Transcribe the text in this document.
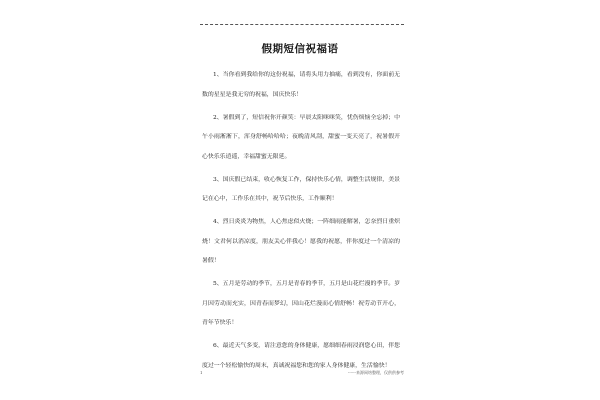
假期短信祝福语

1、当你看到我给你的这份祝福，请将头用力抽痛，看到没有，你面前无数的星星是我无穷的祝福，国庆快乐！

2、暑假到了，短信祝你开颜笑：早晨太阳咪咪笑，忧伤烦恼全忘掉；中午小雨淅淅下，浑身舒畅哈哈哈；夜晚清风刮，甜蜜一变天亮了，祝暑假开心快乐乐逍遥，幸福甜蜜无限延。

3、国庆假已结束，收心恢复工作，保持快乐心情，调整生活规律，美景记在心中，工作乐在其中，祝节后快乐，工作顺利！

4、烈日炎炎为物焦，人心焦虑似火烧；一阵细雨能解暑，怎奈烈日重炽烧！文君何以消凉度，朋友关心伴我心！愿我的祝愿，伴你度过一个清凉的暑假！

5、五月是劳动的季节，五月是青春的季节，五月是山花烂漫的季节。岁月因劳动而充实，因青春而梦幻，因山花烂漫而心情舒畅！祝劳动节开心，青年节快乐！

6、最近天气多变，请注意您的身体健康，愿细细春雨浸润您心田，伴您度过一个轻松愉快的周末，真诚祝福您和您的家人身体健康，生活愉快！

1	------来源网络整理，仅供供参考
